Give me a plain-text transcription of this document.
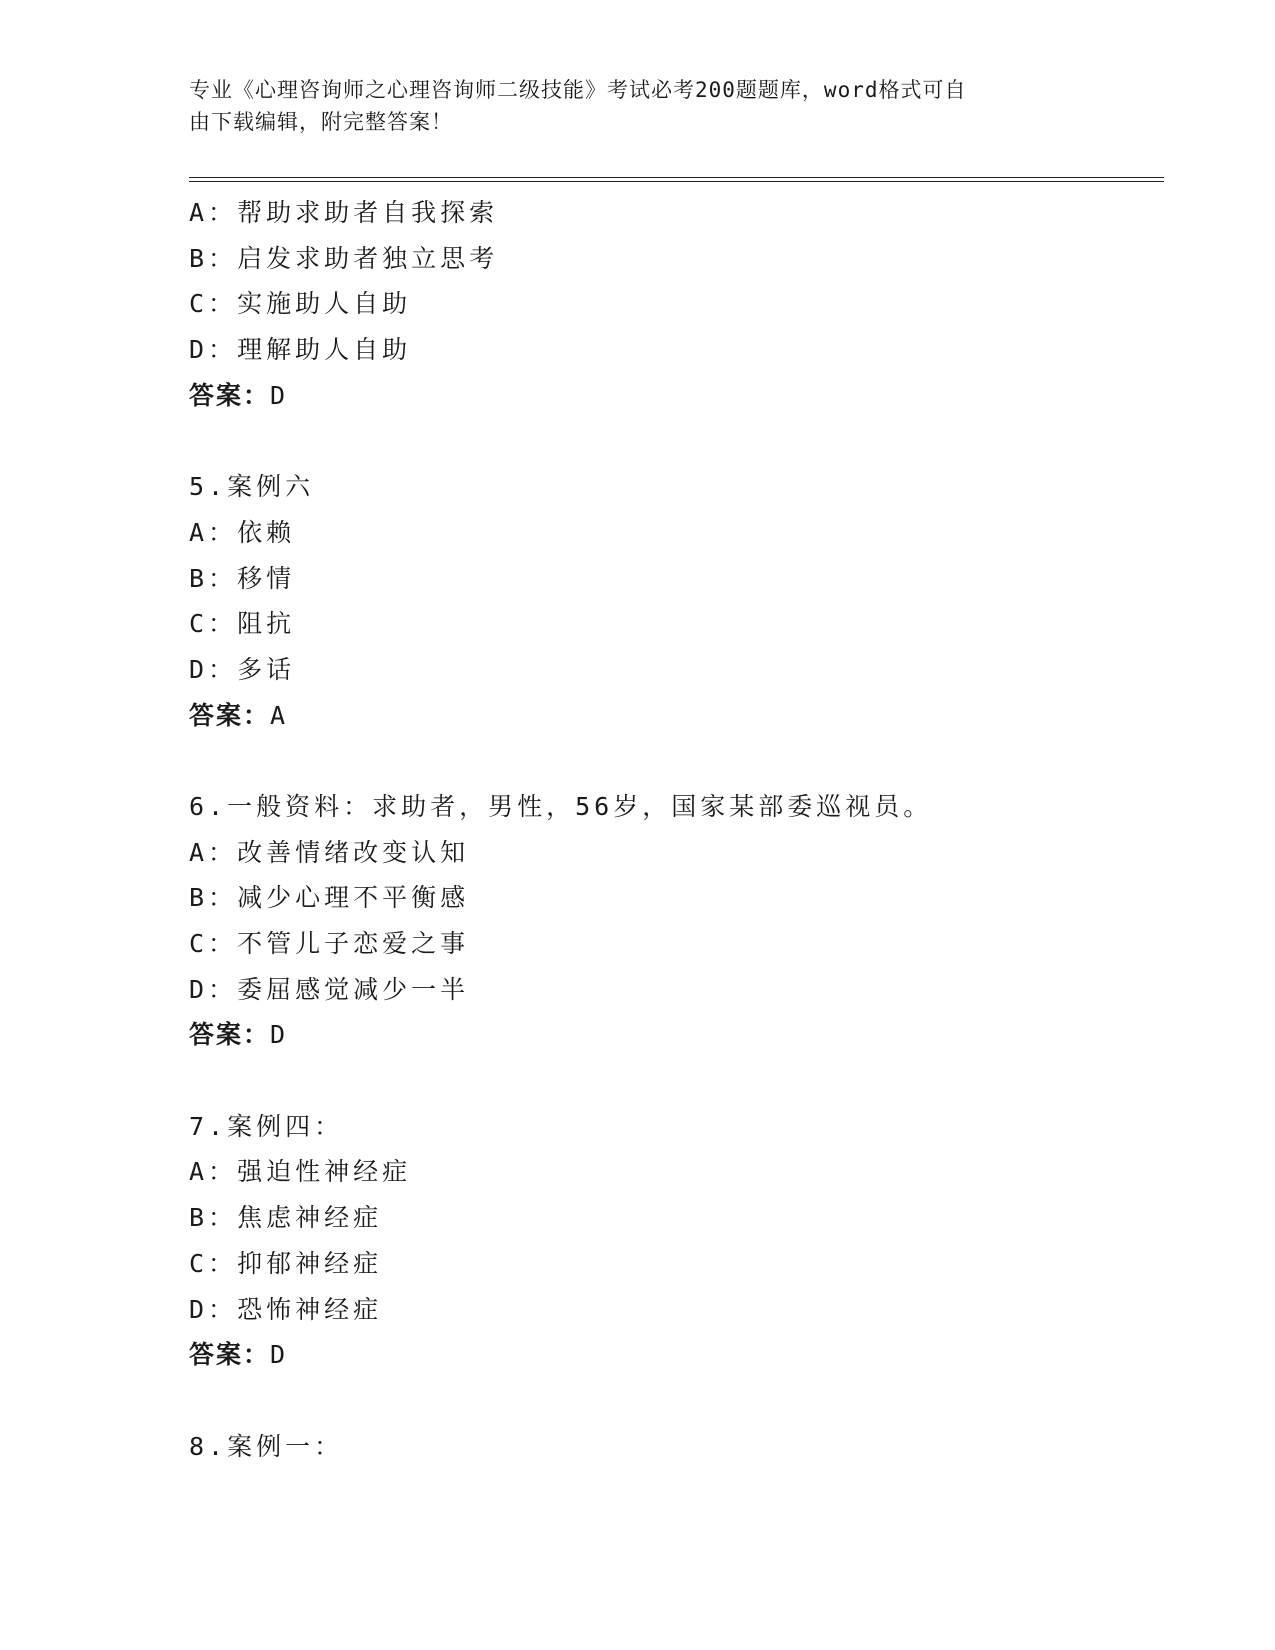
专业《心理咨询师之心理咨询师二级技能》考试必考200题题库，word格式可自
由下载编辑，附完整答案！
A：帮助求助者自我探索
B：启发求助者独立思考
C：实施助人自助
D：理解助人自助
答案：D
5.案例六
A：依赖
B：移情
C：阻抗
D：多话
答案：A
6.一般资料：求助者，男性，56岁，国家某部委巡视员。
A：改善情绪改变认知
B：减少心理不平衡感
C：不管儿子恋爱之事
D：委屈感觉减少一半
答案：D
7.案例四：
A：强迫性神经症
B：焦虑神经症
C：抑郁神经症
D：恐怖神经症
答案：D
8.案例一：
